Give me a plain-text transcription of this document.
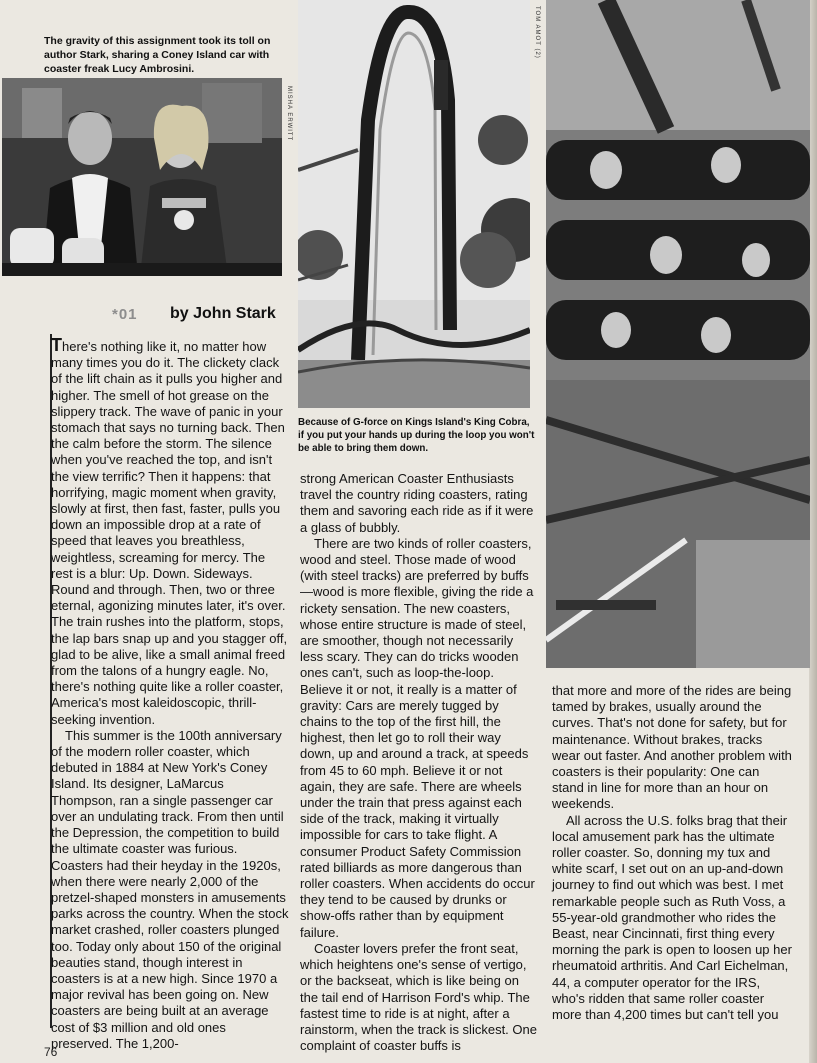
The gravity of this assignment took its toll on author Stark, sharing a Coney Island car with coaster freak Lucy Ambrosini.
MISHA ERWITT
TOM AMOT (2)
Because of G-force on Kings Island's King Cobra, if you put your hands up during the loop you won't be able to bring them down.
*01 by John Stark

There's nothing like it, no matter how many times you do it. The clickety clack of the lift chain as it pulls you higher and higher. The smell of hot grease on the slippery track. The wave of panic in your stomach that says no turning back. Then the calm before the storm. The silence when you've reached the top, and isn't the view terrific? Then it happens: that horrifying, magic moment when gravity, slowly at first, then fast, faster, pulls you down an impossible drop at a rate of speed that leaves you breathless, weightless, screaming for mercy. The rest is a blur: Up. Down. Sideways. Round and through. Then, two or three eternal, agonizing minutes later, it's over. The train rushes into the platform, stops, the lap bars snap up and you stagger off, glad to be alive, like a small animal freed from the talons of a hungry eagle. No, there's nothing quite like a roller coaster, America's most kaleidoscopic, thrill-seeking invention.

This summer is the 100th anniversary of the modern roller coaster, which debuted in 1884 at New York's Coney Island. Its designer, LaMarcus Thompson, ran a single passenger car over an undulating track. From then until the Depression, the competition to build the ultimate coaster was furious. Coasters had their heyday in the 1920s, when there were nearly 2,000 of the pretzel-shaped monsters in amusements parks across the country. When the stock market crashed, roller coasters plunged too. Today only about 150 of the original beauties stand, though interest in coasters is at a new high. Since 1970 a major revival has been going on. New coasters are being built at an average cost of $3 million and old ones preserved. The 1,200-

strong American Coaster Enthusiasts travel the country riding coasters, rating them and savoring each ride as if it were a glass of bubbly.

There are two kinds of roller coasters, wood and steel. Those made of wood (with steel tracks) are preferred by buffs—wood is more flexible, giving the ride a rickety sensation. The new coasters, whose entire structure is made of steel, are smoother, though not necessarily less scary. They can do tricks wooden ones can't, such as loop-the-loop. Believe it or not, it really is a matter of gravity: Cars are merely tugged by chains to the top of the first hill, the highest, then let go to roll their way down, up and around a track, at speeds from 45 to 60 mph. Believe it or not again, they are safe. There are wheels under the train that press against each side of the track, making it virtually impossible for cars to take flight. A consumer Product Safety Commission rated billiards as more dangerous than roller coasters. When accidents do occur they tend to be caused by drunks or show-offs rather than by equipment failure.

Coaster lovers prefer the front seat, which heightens one's sense of vertigo, or the backseat, which is like being on the tail end of Harrison Ford's whip. The fastest time to ride is at night, after a rainstorm, when the track is slickest. One complaint of coaster buffs is

that more and more of the rides are being tamed by brakes, usually around the curves. That's not done for safety, but for maintenance. Without brakes, tracks wear out faster. And another problem with coasters is their popularity: One can stand in line for more than an hour on weekends.

All across the U.S. folks brag that their local amusement park has the ultimate roller coaster. So, donning my tux and white scarf, I set out on an up-and-down journey to find out which was best. I met remarkable people such as Ruth Voss, a 55-year-old grandmother who rides the Beast, near Cincinnati, first thing every morning the park is open to loosen up her rheumatoid arthritis. And Carl Eichelman, 44, a computer operator for the IRS, who's ridden that same roller coaster more than 4,200 times but can't tell you

76
